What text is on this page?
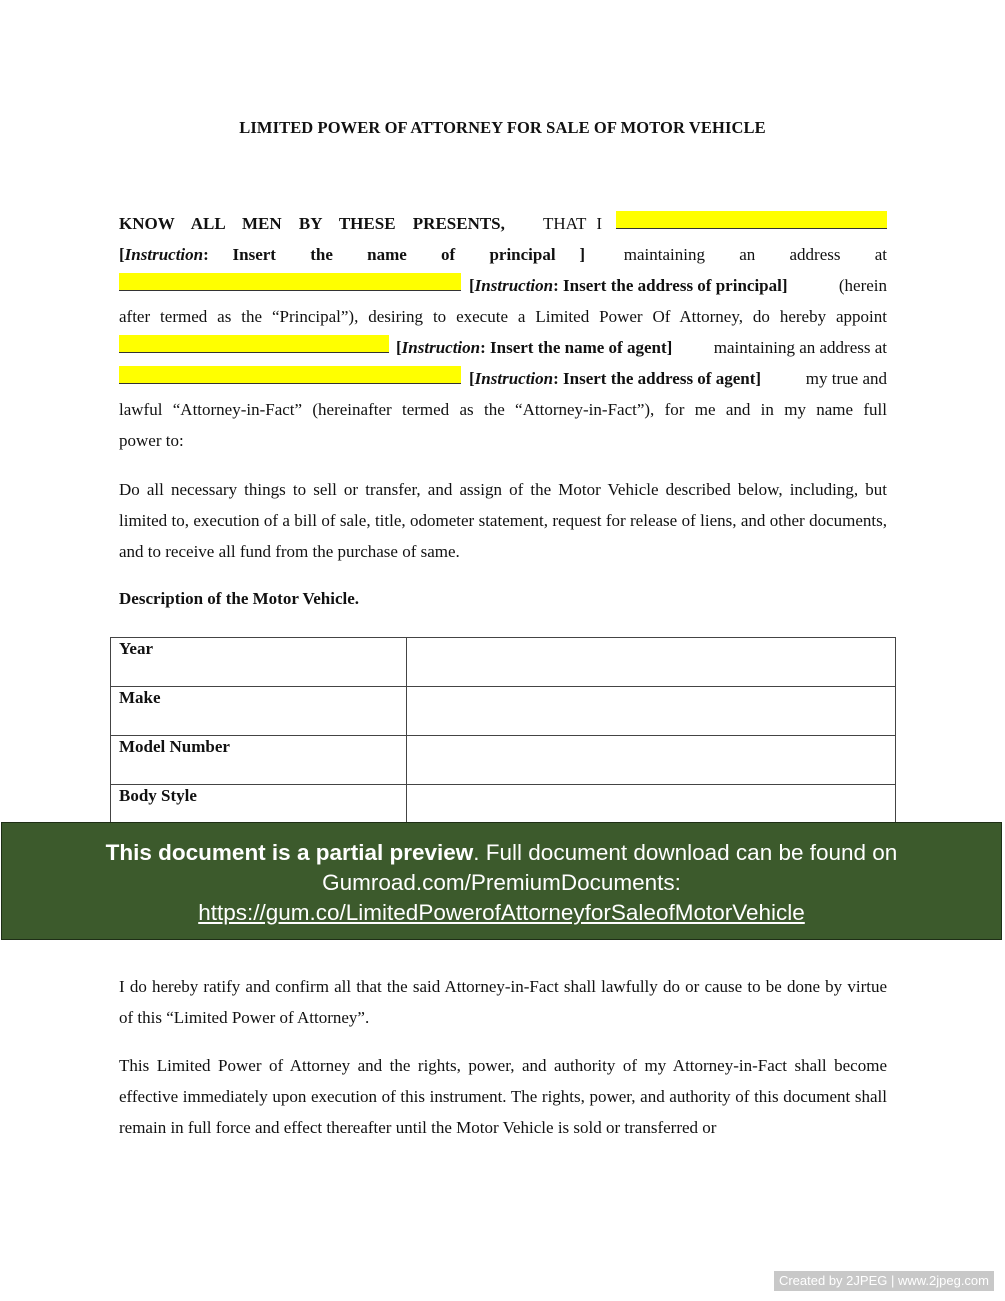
LIMITED POWER OF ATTORNEY FOR SALE OF MOTOR VEHICLE
KNOW ALL MEN BY THESE PRESENTS, THAT I
[Instruction: Insert the name of principal ] maintaining an address at
[Instruction: Insert the address of principal]	(herein
after termed as the “Principal”), desiring to execute a Limited Power Of Attorney, do hereby appoint
[Instruction: Insert the name of agent]	maintaining an address at
[Instruction: Insert the address of agent]	my true and
lawful “Attorney-in-Fact” (hereinafter termed as the “Attorney-in-Fact”), for me and in my name full
power to:
Do all necessary things to sell or transfer, and assign of the Motor Vehicle described below, including, but limited to, execution of a bill of sale, title, odometer statement, request for release of liens, and other documents, and to receive all fund from the purchase of same.
Description of the Motor Vehicle.
Year	
Make	
Model Number	
Body Style	
This document is a partial preview. Full document download can be found on
Gumroad.com/PremiumDocuments:
https://gum.co/LimitedPowerofAttorneyforSaleofMotorVehicle
I do hereby ratify and confirm all that the said Attorney-in-Fact shall lawfully do or cause to be done by virtue of this “Limited Power of Attorney”.
This Limited Power of Attorney and the rights, power, and authority of my Attorney-in-Fact shall become effective immediately upon execution of this instrument. The rights, power, and authority of this document shall remain in full force and effect thereafter until the Motor Vehicle is sold or transferred or
Created by 2JPEG | www.2jpeg.com
